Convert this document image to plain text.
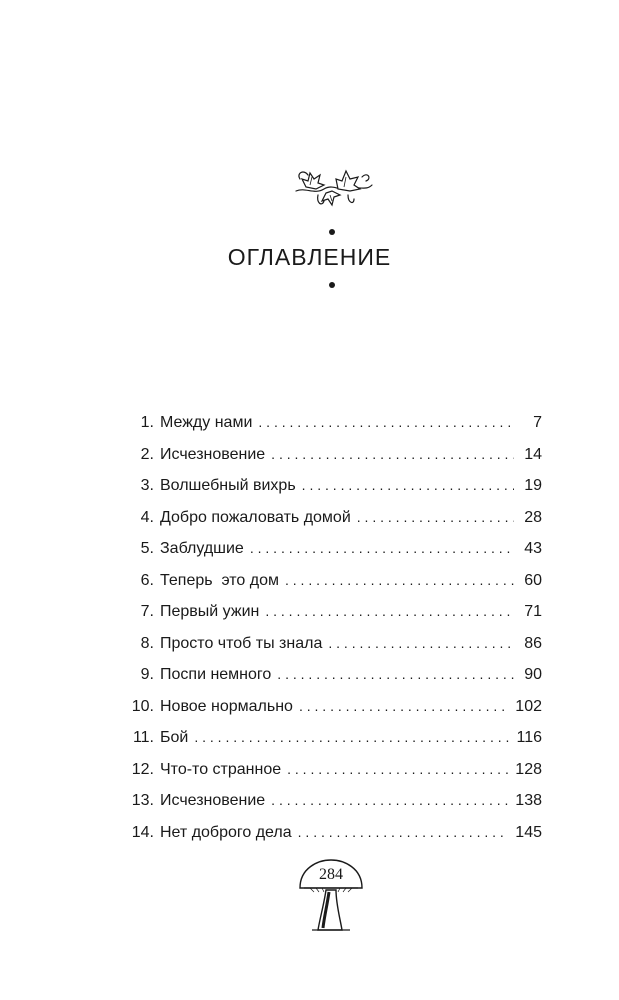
ОГЛАВЛЕНИЕ
1. Между нами . . .	7
2. Исчезновение . . .	14
3. Волшебный вихрь . . .	19
4. Добро пожаловать домой . . .	28
5. Заблудшие . . .	43
6. Теперь  это дом . . .	60
7. Первый ужин . . .	71
8. Просто чтоб ты знала . . .	86
9. Поспи немного . . .	90
10. Новое нормально . . .	102
11. Бой . . .	116
12. Что-то странное . . .	128
13. Исчезновение . . .	138
14. Нет доброго дела . . .	145
284
